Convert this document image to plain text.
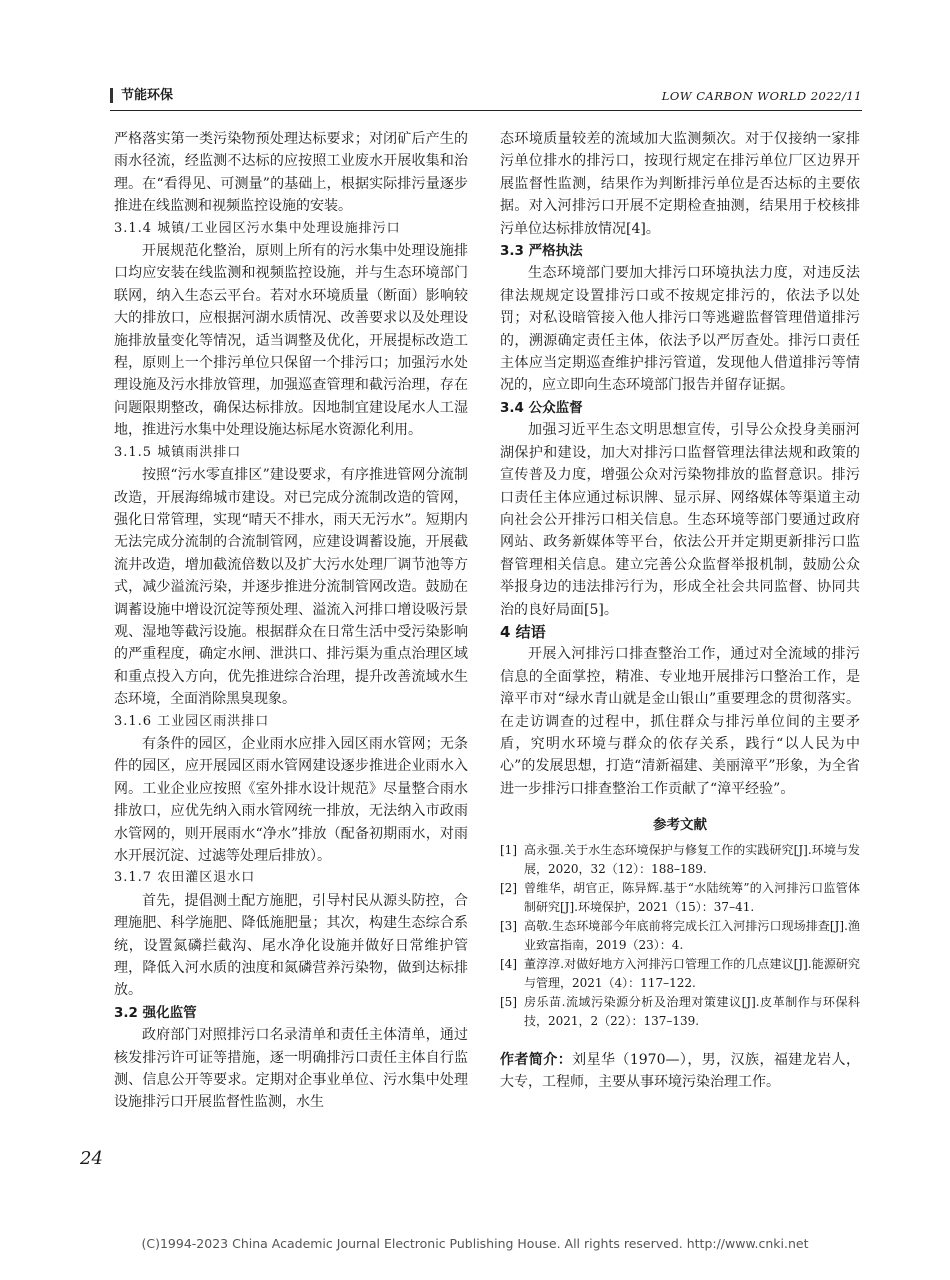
节能环保	LOW CARBON WORLD 2022/11

严格落实第一类污染物预处理达标要求；对闭矿后产生的雨水径流，经监测不达标的应按照工业废水开展收集和治理。在“看得见、可测量”的基础上，根据实际排污量逐步推进在线监测和视频监控设施的安装。

3.1.4 城镇/工业园区污水集中处理设施排污口

开展规范化整治，原则上所有的污水集中处理设施排口均应安装在线监测和视频监控设施，并与生态环境部门联网，纳入生态云平台。若对水环境质量（断面）影响较大的排放口，应根据河湖水质情况、改善要求以及处理设施排放量变化等情况，适当调整及优化，开展提标改造工程，原则上一个排污单位只保留一个排污口；加强污水处理设施及污水排放管理，加强巡查管理和截污治理，存在问题限期整改，确保达标排放。因地制宜建设尾水人工湿地，推进污水集中处理设施达标尾水资源化利用。

3.1.5 城镇雨洪排口

按照“污水零直排区”建设要求，有序推进管网分流制改造，开展海绵城市建设。对已完成分流制改造的管网，强化日常管理，实现“晴天不排水，雨天无污水”。短期内无法完成分流制的合流制管网，应建设调蓄设施，开展截流井改造，增加截流倍数以及扩大污水处理厂调节池等方式，减少溢流污染，并逐步推进分流制管网改造。鼓励在调蓄设施中增设沉淀等预处理、溢流入河排口增设吸污景观、湿地等截污设施。根据群众在日常生活中受污染影响的严重程度，确定水闸、泄洪口、排污渠为重点治理区域和重点投入方向，优先推进综合治理，提升改善流域水生态环境，全面消除黑臭现象。

3.1.6 工业园区雨洪排口

有条件的园区，企业雨水应排入园区雨水管网；无条件的园区，应开展园区雨水管网建设逐步推进企业雨水入网。工业企业应按照《室外排水设计规范》尽量整合雨水排放口，应优先纳入雨水管网统一排放，无法纳入市政雨水管网的，则开展雨水“净水”排放（配备初期雨水，对雨水开展沉淀、过滤等处理后排放）。

3.1.7 农田灌区退水口

首先，提倡测土配方施肥，引导村民从源头防控，合理施肥、科学施肥、降低施肥量；其次，构建生态综合系统，设置氮磷拦截沟、尾水净化设施并做好日常维护管理，降低入河水质的浊度和氮磷营养污染物，做到达标排放。

3.2 强化监管

政府部门对照排污口名录清单和责任主体清单，通过核发排污许可证等措施，逐一明确排污口责任主体自行监测、信息公开等要求。定期对企事业单位、污水集中处理设施排污口开展监督性监测，水生

态环境质量较差的流域加大监测频次。对于仅接纳一家排污单位排水的排污口，按现行规定在排污单位厂区边界开展监督性监测，结果作为判断排污单位是否达标的主要依据。对入河排污口开展不定期检查抽测，结果用于校核排污单位达标排放情况[4]。

3.3 严格执法

生态环境部门要加大排污口环境执法力度，对违反法律法规规定设置排污口或不按规定排污的，依法予以处罚；对私设暗管接入他人排污口等逃避监督管理借道排污的，溯源确定责任主体，依法予以严厉查处。排污口责任主体应当定期巡查维护排污管道，发现他人借道排污等情况的，应立即向生态环境部门报告并留存证据。

3.4 公众监督

加强习近平生态文明思想宣传，引导公众投身美丽河湖保护和建设，加大对排污口监督管理法律法规和政策的宣传普及力度，增强公众对污染物排放的监督意识。排污口责任主体应通过标识牌、显示屏、网络媒体等渠道主动向社会公开排污口相关信息。生态环境等部门要通过政府网站、政务新媒体等平台，依法公开并定期更新排污口监督管理相关信息。建立完善公众监督举报机制，鼓励公众举报身边的违法排污行为，形成全社会共同监督、协同共治的良好局面[5]。

4 结语

开展入河排污口排查整治工作，通过对全流域的排污信息的全面掌控，精准、专业地开展排污口整治工作，是漳平市对“绿水青山就是金山银山”重要理念的贯彻落实。在走访调查的过程中，抓住群众与排污单位间的主要矛盾，究明水环境与群众的依存关系，践行“以人民为中心”的发展思想，打造“清新福建、美丽漳平”形象，为全省进一步排污口排查整治工作贡献了“漳平经验”。

参考文献

[1] 高永强.关于水生态环境保护与修复工作的实践研究[J].环境与发展，2020，32（12）：188–189.

[2] 曾维华，胡官正，陈异辉.基于“水陆统筹”的入河排污口监管体制研究[J].环境保护，2021（15）：37–41.

[3] 高敬.生态环境部今年底前将完成长江入河排污口现场排查[J].渔业致富指南，2019（23）：4.

[4] 董淳淳.对做好地方入河排污口管理工作的几点建议[J].能源研究与管理，2021（4）：117–122.

[5] 房乐苗.流域污染源分析及治理对策建议[J].皮革制作与环保科技，2021，2（22）：137–139.

作者简介：刘星华（1970—），男，汉族，福建龙岩人，大专，工程师，主要从事环境污染治理工作。

24
(C)1994-2023 China Academic Journal Electronic Publishing House. All rights reserved. http://www.cnki.net
